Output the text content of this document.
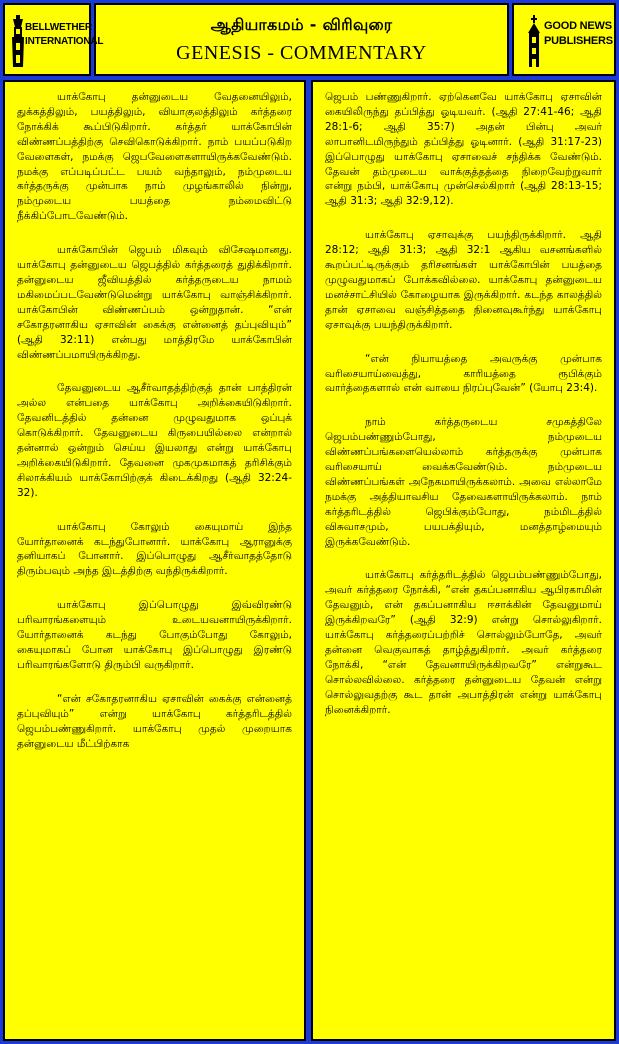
BELLWETHER
INTERNATIONAL
ஆதியாகமம் - விரிவுரை
GENESIS - COMMENTARY
GOOD NEWS
PUBLISHERS

யாக்கோபு தன்னுடைய வேதனையிலும், துக்கத்திலும், பயத்திலும், வியாகுலத்திலும் கர்த்தரை நோக்கிக் கூப்பிடுகிறார். கர்த்தர் யாக்கோபின் விண்ணப்பத்திற்கு செவிகொடுக்கிறார். நாம் பயப்படுகிற வேளைகள், நமக்கு ஜெபவேளைகளாயிருக்கவேண்டும். நமக்கு எப்படிப்பட்ட பயம் வந்தாலும், நம்முடைய கர்த்தருக்கு முன்பாக நாம் முழங்காலில் நின்று, நம்முடைய பயத்தை நம்மைவிட்டு நீக்கிப்போடவேண்டும்.

யாக்கோபின் ஜெபம் மிகவும் விசேஷமானது. யாக்கோபு தன்னுடைய ஜெபத்தில் கர்த்தரைத் துதிக்கிறார். தன்னுடைய ஜீவியத்தில் கர்த்தருடைய நாமம் மகிமைப்படவேண்டுமென்று யாக்கோபு வாஞ்சிக்கிறார். யாக்கோபின் விண்ணப்பம் ஒன்றுதான். “என் சகோதரனாகிய ஏசாவின் கைக்கு என்னைத் தப்புவியும்” (ஆதி 32:11) என்பது மாத்திரமே யாக்கோபின் விண்ணப்பமாயிருக்கிறது.

தேவனுடைய ஆசீர்வாதத்திற்குத் தான் பாத்திரன் அல்ல என்பதை யாக்கோபு அறிக்கையிடுகிறார். தேவனிடத்தில் தன்னை முழுவதுமாக ஒப்புக் கொடுக்கிறார். தேவனுடைய கிருபையில்லை என்றால் தன்னால் ஒன்றும் செய்ய இயலாது என்று யாக்கோபு அறிக்கையிடுகிறார். தேவனை முகமுகமாகத் தரிசிக்கும் சிலாக்கியம் யாக்கோபிற்குக் கிடைக்கிறது (ஆதி 32:24-32).

யாக்கோபு கோலும் கையுமாய் இந்த யோர்தானைக் கடந்துபோனார். யாக்கோபு ஆரானுக்கு தனியாகப் போனார். இப்பொழுது ஆசீர்வாதத்தோடு திரும்பவும் அந்த இடத்திற்கு வந்திருக்கிறார்.

யாக்கோபு இப்பொழுது இவ்விரண்டு பரிவாரங்களையும் உடையவனாயிருக்கிறார். யோர்தானைக் கடந்து போகும்போது கோலும், கையுமாகப் போன யாக்கோபு இப்பொழுது இரண்டு பரிவாரங்களோடு திரும்பி வருகிறார்.

“என் சகோதரனாகிய ஏசாவின் கைக்கு என்னைத் தப்புவியும்” என்று யாக்கோபு கர்த்தரிடத்தில் ஜெபம்பண்ணுகிறார். யாக்கோபு முதல் முறையாக தன்னுடைய மீட்பிற்காக

ஜெபம் பண்ணுகிறார். ஏற்கெனவே யாக்கோபு ஏசாவின் கையிலிருந்து தப்பித்து ஓடியவர். (ஆதி 27:41-46; ஆதி 28:1-6; ஆதி 35:7) அதன் பின்பு அவர் லாபானிடமிருந்தும் தப்பித்து ஓடினார். (ஆதி 31:17-23) இப்பொழுது யாக்கோபு ஏசாவைச் சந்திக்க வேண்டும். தேவன் தம்முடைய வாக்குத்தத்தை நிறைவேற்றுவார் என்று நம்பி, யாக்கோபு முன்செல்கிறார் (ஆதி 28:13-15; ஆதி 31:3; ஆதி 32:9,12).

யாக்கோபு ஏசாவுக்கு பயந்திருக்கிறார். ஆதி 28:12; ஆதி 31:3; ஆதி 32:1 ஆகிய வசனங்களில் கூறப்பட்டிருக்கும் தரிசனங்கள் யாக்கோபின் பயத்தை முழுவதுமாகப் போக்கவில்லை. யாக்கோபு தன்னுடைய மனச்சாட்சியில் கோழையாக இருக்கிறார். கடந்த காலத்தில் தான் ஏசாவை வஞ்சித்ததை நினைவுகூர்ந்து யாக்கோபு ஏசாவுக்கு பயந்திருக்கிறார்.

“என் நியாயத்தை அவருக்கு முன்பாக வரிசையாய்வைத்து, காரியத்தை ரூபிக்கும் வார்த்தைகளால் என் வாயை நிரப்புவேன்” (யோபு 23:4).

நாம் கர்த்தருடைய சமுகத்திலே ஜெபம்பண்ணும்போது, நம்முடைய விண்ணப்பங்களையெல்லாம் கர்த்தருக்கு முன்பாக வரிசையாய் வைக்கவேண்டும். நம்முடைய விண்ணப்பங்கள் அநேகமாயிருக்கலாம். அவை எல்லாமே நமக்கு அத்தியாவசிய தேவைகளாயிருக்கலாம். நாம் கர்த்தரிடத்தில் ஜெபிக்கும்போது, நம்மிடத்தில் விசுவாசமும், பயபக்தியும், மனத்தாழ்மையும் இருக்கவேண்டும்.

யாக்கோபு கர்த்தரிடத்தில் ஜெபம்பண்ணும்போது, அவர் கர்த்தரை நோக்கி, “என் தகப்பனாகிய ஆபிரகாமின் தேவனும், என் தகப்பனாகிய ஈசாக்கின் தேவனுமாய் இருக்கிறவரே” (ஆதி 32:9) என்று சொல்லுகிறார். யாக்கோபு கர்த்தரைப்பற்றிச் சொல்லும்போதே, அவர் தன்னை வெகுவாகத் தாழ்த்துகிறார். அவர் கர்த்தரை நோக்கி, “என் தேவனாயிருக்கிறவரே” என்றுகூட சொல்லவில்லை. கர்த்தரை தன்னுடைய தேவன் என்று சொல்லுவதற்கு கூட தான் அபாத்திரன் என்று யாக்கோபு நினைக்கிறார்.
